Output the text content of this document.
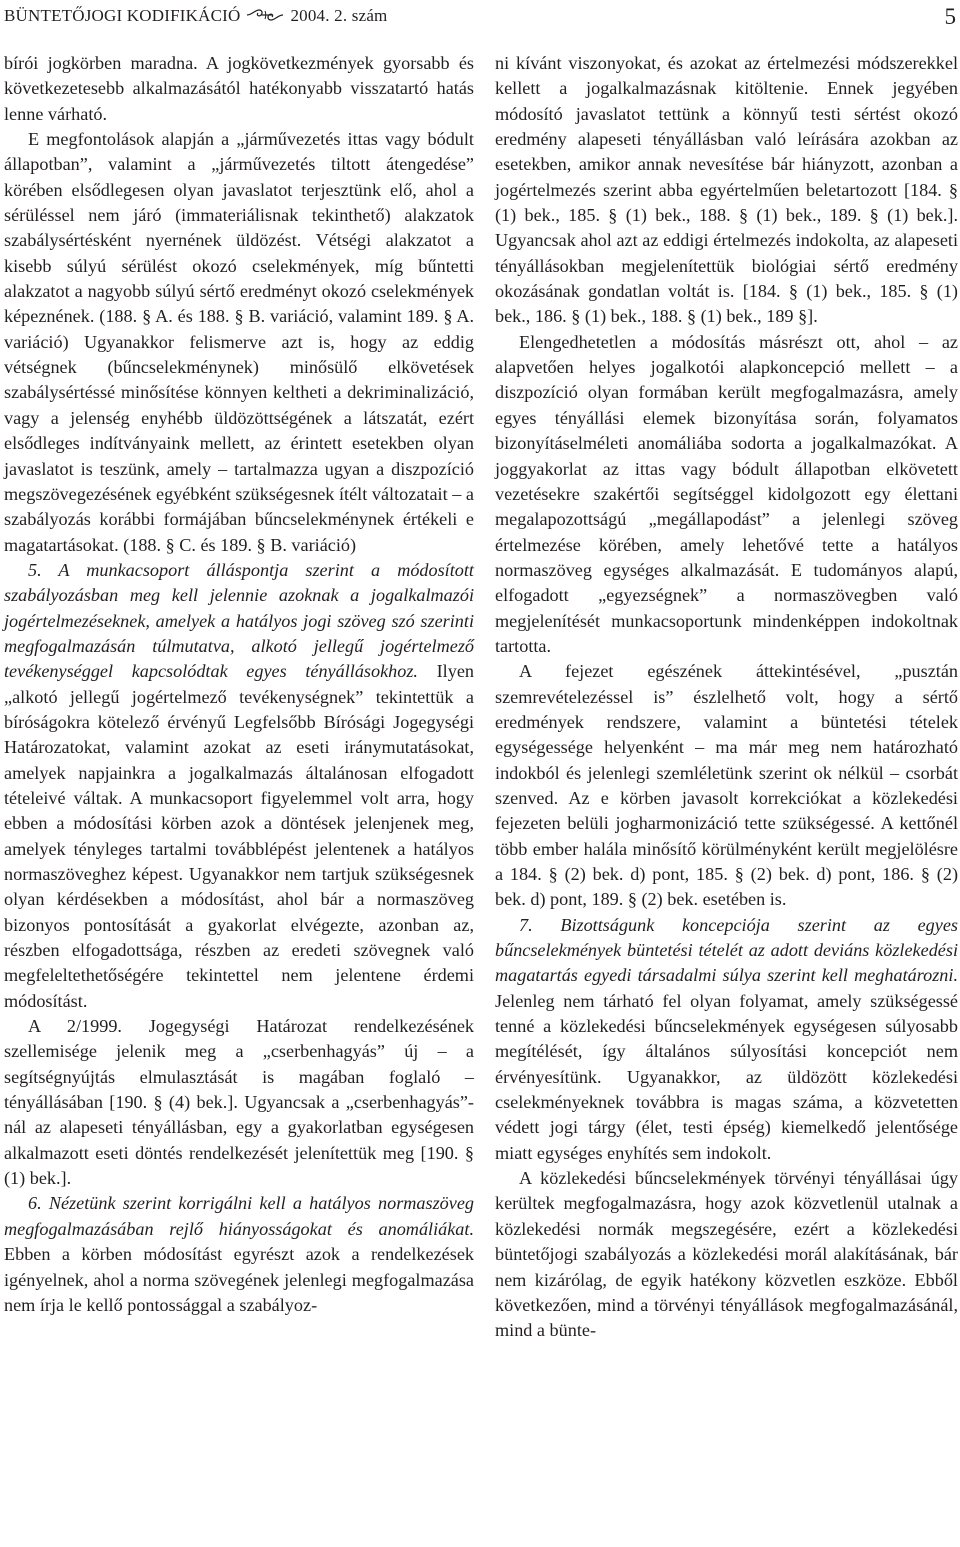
BÜNTETŐJOGI KODIFIKÁCIÓ	2004. 2. szám	5

bírói jogkörben maradna. A jogkövetkezmények gyorsabb és következetesebb alkalmazásától hatékonyabb visszatartó hatás lenne várható.

E megfontolások alapján a „járművezetés ittas vagy bódult állapotban”, valamint a „járművezetés tiltott átengedése” körében elsődlegesen olyan javaslatot terjesztünk elő, ahol a sérüléssel nem járó (immateriálisnak tekinthető) alakzatok szabálysértésként nyernének üldözést. Vétségi alakzatot a kisebb súlyú sérülést okozó cselekmények, míg bűntetti alakzatot a nagyobb súlyú sértő eredményt okozó cselekmények képeznének. (188. § A. és 188. § B. variáció, valamint 189. § A. variáció) Ugyanakkor felismerve azt is, hogy az eddig vétségnek (bűncselekménynek) minősülő elkövetések szabálysértéssé minősítése könnyen keltheti a dekriminalizáció, vagy a jelenség enyhébb üldözöttségének a látszatát, ezért elsődleges indítványaink mellett, az érintett esetekben olyan javaslatot is teszünk, amely – tartalmazza ugyan a diszpozíció megszövegezésének egyébként szükségesnek ítélt változatait – a szabályozás korábbi formájában bűncselekménynek értékeli e magatartásokat. (188. § C. és 189. § B. variáció)

5. A munkacsoport álláspontja szerint a módosított szabályozásban meg kell jelennie azoknak a jogalkalmazói jogértelmezéseknek, amelyek a hatályos jogi szöveg szó szerinti megfogalmazásán túlmutatva, alkotó jellegű jogértelmező tevékenységgel kapcsolódtak egyes tényállásokhoz. Ilyen „alkotó jellegű jogértelmező tevékenységnek” tekintettük a bíróságokra kötelező érvényű Legfelsőbb Bírósági Jogegységi Határozatokat, valamint azokat az eseti iránymutatásokat, amelyek napjainkra a jogalkalmazás általánosan elfogadott tételeivé váltak. A munkacsoport figyelemmel volt arra, hogy ebben a módosítási körben azok a döntések jelenjenek meg, amelyek tényleges tartalmi továbblépést jelentenek a hatályos normaszöveghez képest. Ugyanakkor nem tartjuk szükségesnek olyan kérdésekben a módosítást, ahol bár a normaszöveg bizonyos pontosítását a gyakorlat elvégezte, azonban az, részben elfogadottsága, részben az eredeti szövegnek való megfeleltethetőségére tekintettel nem jelentene érdemi módosítást.

A 2/1999. Jogegységi Határozat rendelkezésének szellemisége jelenik meg a „cserbenhagyás” új – a segítségnyújtás elmulasztását is magában foglaló – tényállásában [190. § (4) bek.]. Ugyancsak a „cserbenhagyás”-nál az alapeseti tényállásban, egy a gyakorlatban egységesen alkalmazott eseti döntés rendelkezését jelenítettük meg [190. § (1) bek.].

6. Nézetünk szerint korrigálni kell a hatályos normaszöveg megfogalmazásában rejlő hiányosságokat és anomáliákat. Ebben a körben módosítást egyrészt azok a rendelkezések igényelnek, ahol a norma szövegének jelenlegi megfogalmazása nem írja le kellő pontossággal a szabályoz-

ni kívánt viszonyokat, és azokat az értelmezési módszerekkel kellett a jogalkalmazásnak kitöltenie. Ennek jegyében módosító javaslatot tettünk a könnyű testi sértést okozó eredmény alapeseti tényállásban való leírására azokban az esetekben, amikor annak nevesítése bár hiányzott, azonban a jogértelmezés szerint abba egyértelműen beletartozott [184. § (1) bek., 185. § (1) bek., 188. § (1) bek., 189. § (1) bek.]. Ugyancsak ahol azt az eddigi értelmezés indokolta, az alapeseti tényállásokban megjelenítettük biológiai sértő eredmény okozásának gondatlan voltát is. [184. § (1) bek., 185. § (1) bek., 186. § (1) bek., 188. § (1) bek., 189 §].

Elengedhetetlen a módosítás másrészt ott, ahol – az alapvetően helyes jogalkotói alapkoncepció mellett – a diszpozíció olyan formában került megfogalmazásra, amely egyes tényállási elemek bizonyítása során, folyamatos bizonyításelméleti anomáliába sodorta a jogalkalmazókat. A joggyakorlat az ittas vagy bódult állapotban elkövetett vezetésekre szakértői segítséggel kidolgozott egy élettani megalapozottságú „megállapodást” a jelenlegi szöveg értelmezése körében, amely lehetővé tette a hatályos normaszöveg egységes alkalmazását. E tudományos alapú, elfogadott „egyezségnek” a normaszövegben való megjelenítését munkacsoportunk mindenképpen indokoltnak tartotta.

A fejezet egészének áttekintésével, „pusztán szemrevételezéssel is” észlelhető volt, hogy a sértő eredmények rendszere, valamint a büntetési tételek egységessége helyenként – ma már meg nem határozható indokból és jelenlegi szemléletünk szerint ok nélkül – csorbát szenved. Az e körben javasolt korrekciókat a közlekedési fejezeten belüli jogharmonizáció tette szükségessé. A kettőnél több ember halála minősítő körülményként került megjelölésre a 184. § (2) bek. d) pont, 185. § (2) bek. d) pont, 186. § (2) bek. d) pont, 189. § (2) bek. esetében is.

7. Bizottságunk koncepciója szerint az egyes bűncselekmények büntetési tételét az adott deviáns közlekedési magatartás egyedi társadalmi súlya szerint kell meghatározni. Jelenleg nem tárható fel olyan folyamat, amely szükségessé tenné a közlekedési bűncselekmények egységesen súlyosabb megítélését, így általános súlyosítási koncepciót nem érvényesítünk. Ugyanakkor, az üldözött közlekedési cselekményeknek továbbra is magas száma, a közvetetten védett jogi tárgy (élet, testi épség) kiemelkedő jelentősége miatt egységes enyhítés sem indokolt.

A közlekedési bűncselekmények törvényi tényállásai úgy kerültek megfogalmazásra, hogy azok közvetlenül utalnak a közlekedési normák megszegésére, ezért a közlekedési büntetőjogi szabályozás a közlekedési morál alakításának, bár nem kizárólag, de egyik hatékony közvetlen eszköze. Ebből következően, mind a törvényi tényállások megfogalmazásánál, mind a bünte-
